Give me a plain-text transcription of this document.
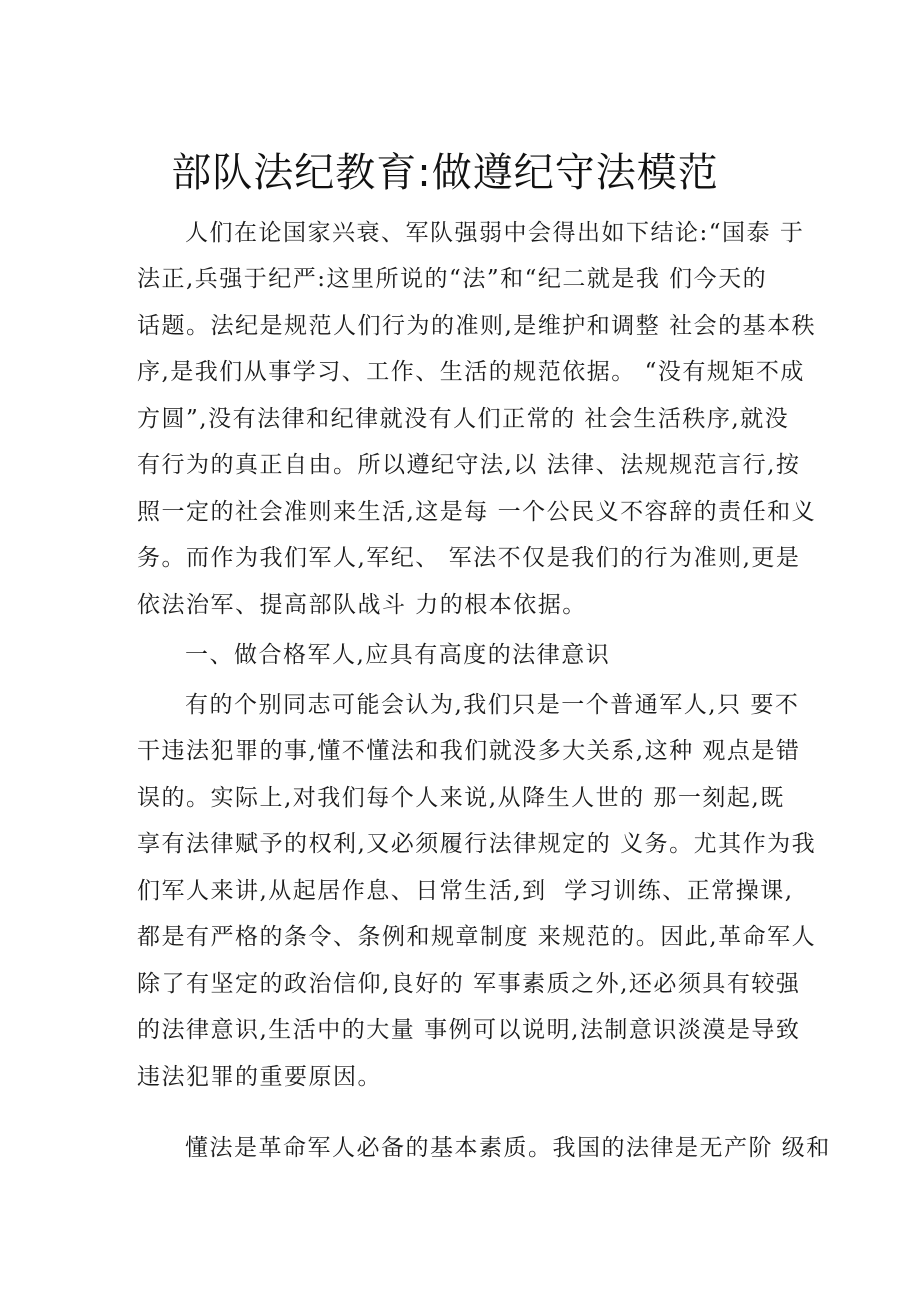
部队法纪教育:做遵纪守法模范
人们在论国家兴衰、军队强弱中会得出如下结论:“国泰 于
法正,兵强于纪严:这里所说的“法”和“纪二就是我 们今天的
话题。法纪是规范人们行为的准则,是维护和调整 社会的基本秩
序,是我们从事学习、工作、生活的规范依据。 “没有规矩不成
方圆”,没有法律和纪律就没有人们正常的 社会生活秩序,就没
有行为的真正自由。所以遵纪守法,以 法律、法规规范言行,按
照一定的社会准则来生活,这是每 一个公民义不容辞的责任和义
务。而作为我们军人,军纪、 军法不仅是我们的行为准则,更是
依法治军、提高部队战斗 力的根本依据。
一、做合格军人,应具有高度的法律意识
有的个别同志可能会认为,我们只是一个普通军人,只 要不
干违法犯罪的事,懂不懂法和我们就没多大关系,这种 观点是错
误的。实际上,对我们每个人来说,从降生人世的 那一刻起,既
享有法律赋予的权利,又必须履行法律规定的 义务。尤其作为我
们军人来讲,从起居作息、日常生活,到  学习训练、正常操课,
都是有严格的条令、条例和规章制度 来规范的。因此,革命军人
除了有坚定的政治信仰,良好的 军事素质之外,还必须具有较强
的法律意识,生活中的大量 事例可以说明,法制意识淡漠是导致
违法犯罪的重要原因。
懂法是革命军人必备的基本素质。我国的法律是无产阶 级和
